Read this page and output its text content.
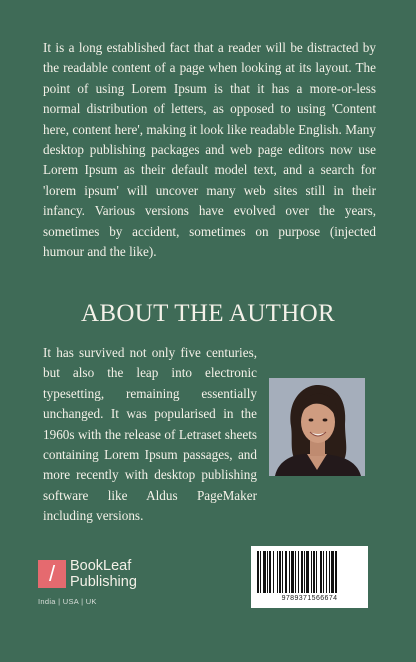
It is a long established fact that a reader will be distracted by the readable content of a page when looking at its layout. The point of using Lorem Ipsum is that it has a more-or-less normal distribution of letters, as opposed to using 'Content here, content here', making it look like readable English. Many desktop publishing packages and web page editors now use Lorem Ipsum as their default model text, and a search for 'lorem ipsum' will uncover many web sites still in their infancy. Various versions have evolved over the years, sometimes by accident, sometimes on purpose (injected humour and the like).

ABOUT THE AUTHOR

It has survived not only five centuries, but also the leap into electronic typesetting, remaining essentially unchanged. It was popularised in the 1960s with the release of Letraset sheets containing Lorem Ipsum passages, and more recently with desktop publishing software like Aldus PageMaker including versions.

/	BookLeaf
Publishing
India | USA | UK	9789371566674
